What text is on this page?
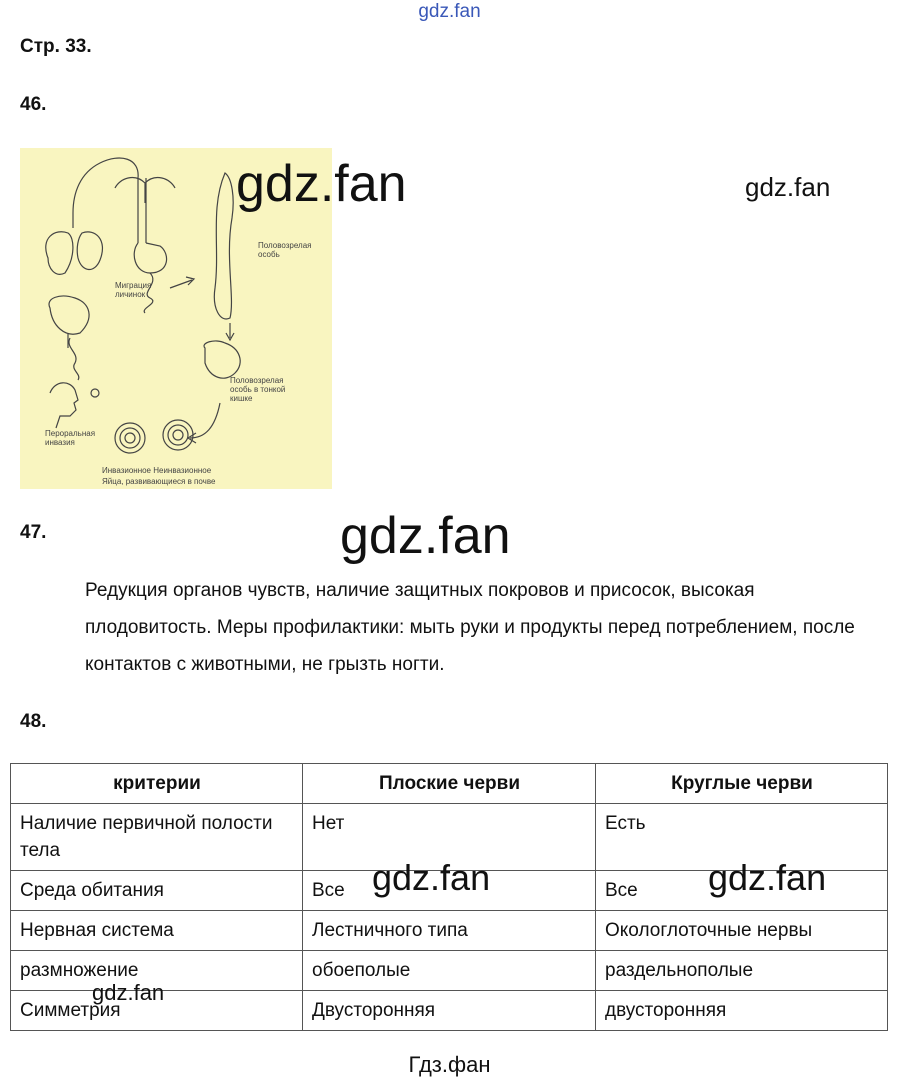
gdz.fan
Стр. 33.
46.
Половозрелая особь
Миграция личинок
Половозрелая особь в тонкой кишке
Пероральная инвазия
Инвазионное Неинвазионное
Яйца, развивающиеся в почве
gdz.fan	gdz.fan
47.	gdz.fan
Редукция органов чувств, наличие защитных покровов и присосок, высокая плодовитость. Меры профилактики: мыть руки и продукты перед потреблением, после контактов с животными, не грызть ногти.
48.
критерии	Плоские черви	Круглые черви
Наличие первичной полости тела	Нет	Есть
Среда обитания	Все	Все
Нервная система	Лестничного типа	Окологлоточные нервы
размножение	обоеполые	раздельнополые
Симметрия	Двусторонняя	двусторонняя
gdz.fan	gdz.fan
gdz.fan
Гдз.фан
